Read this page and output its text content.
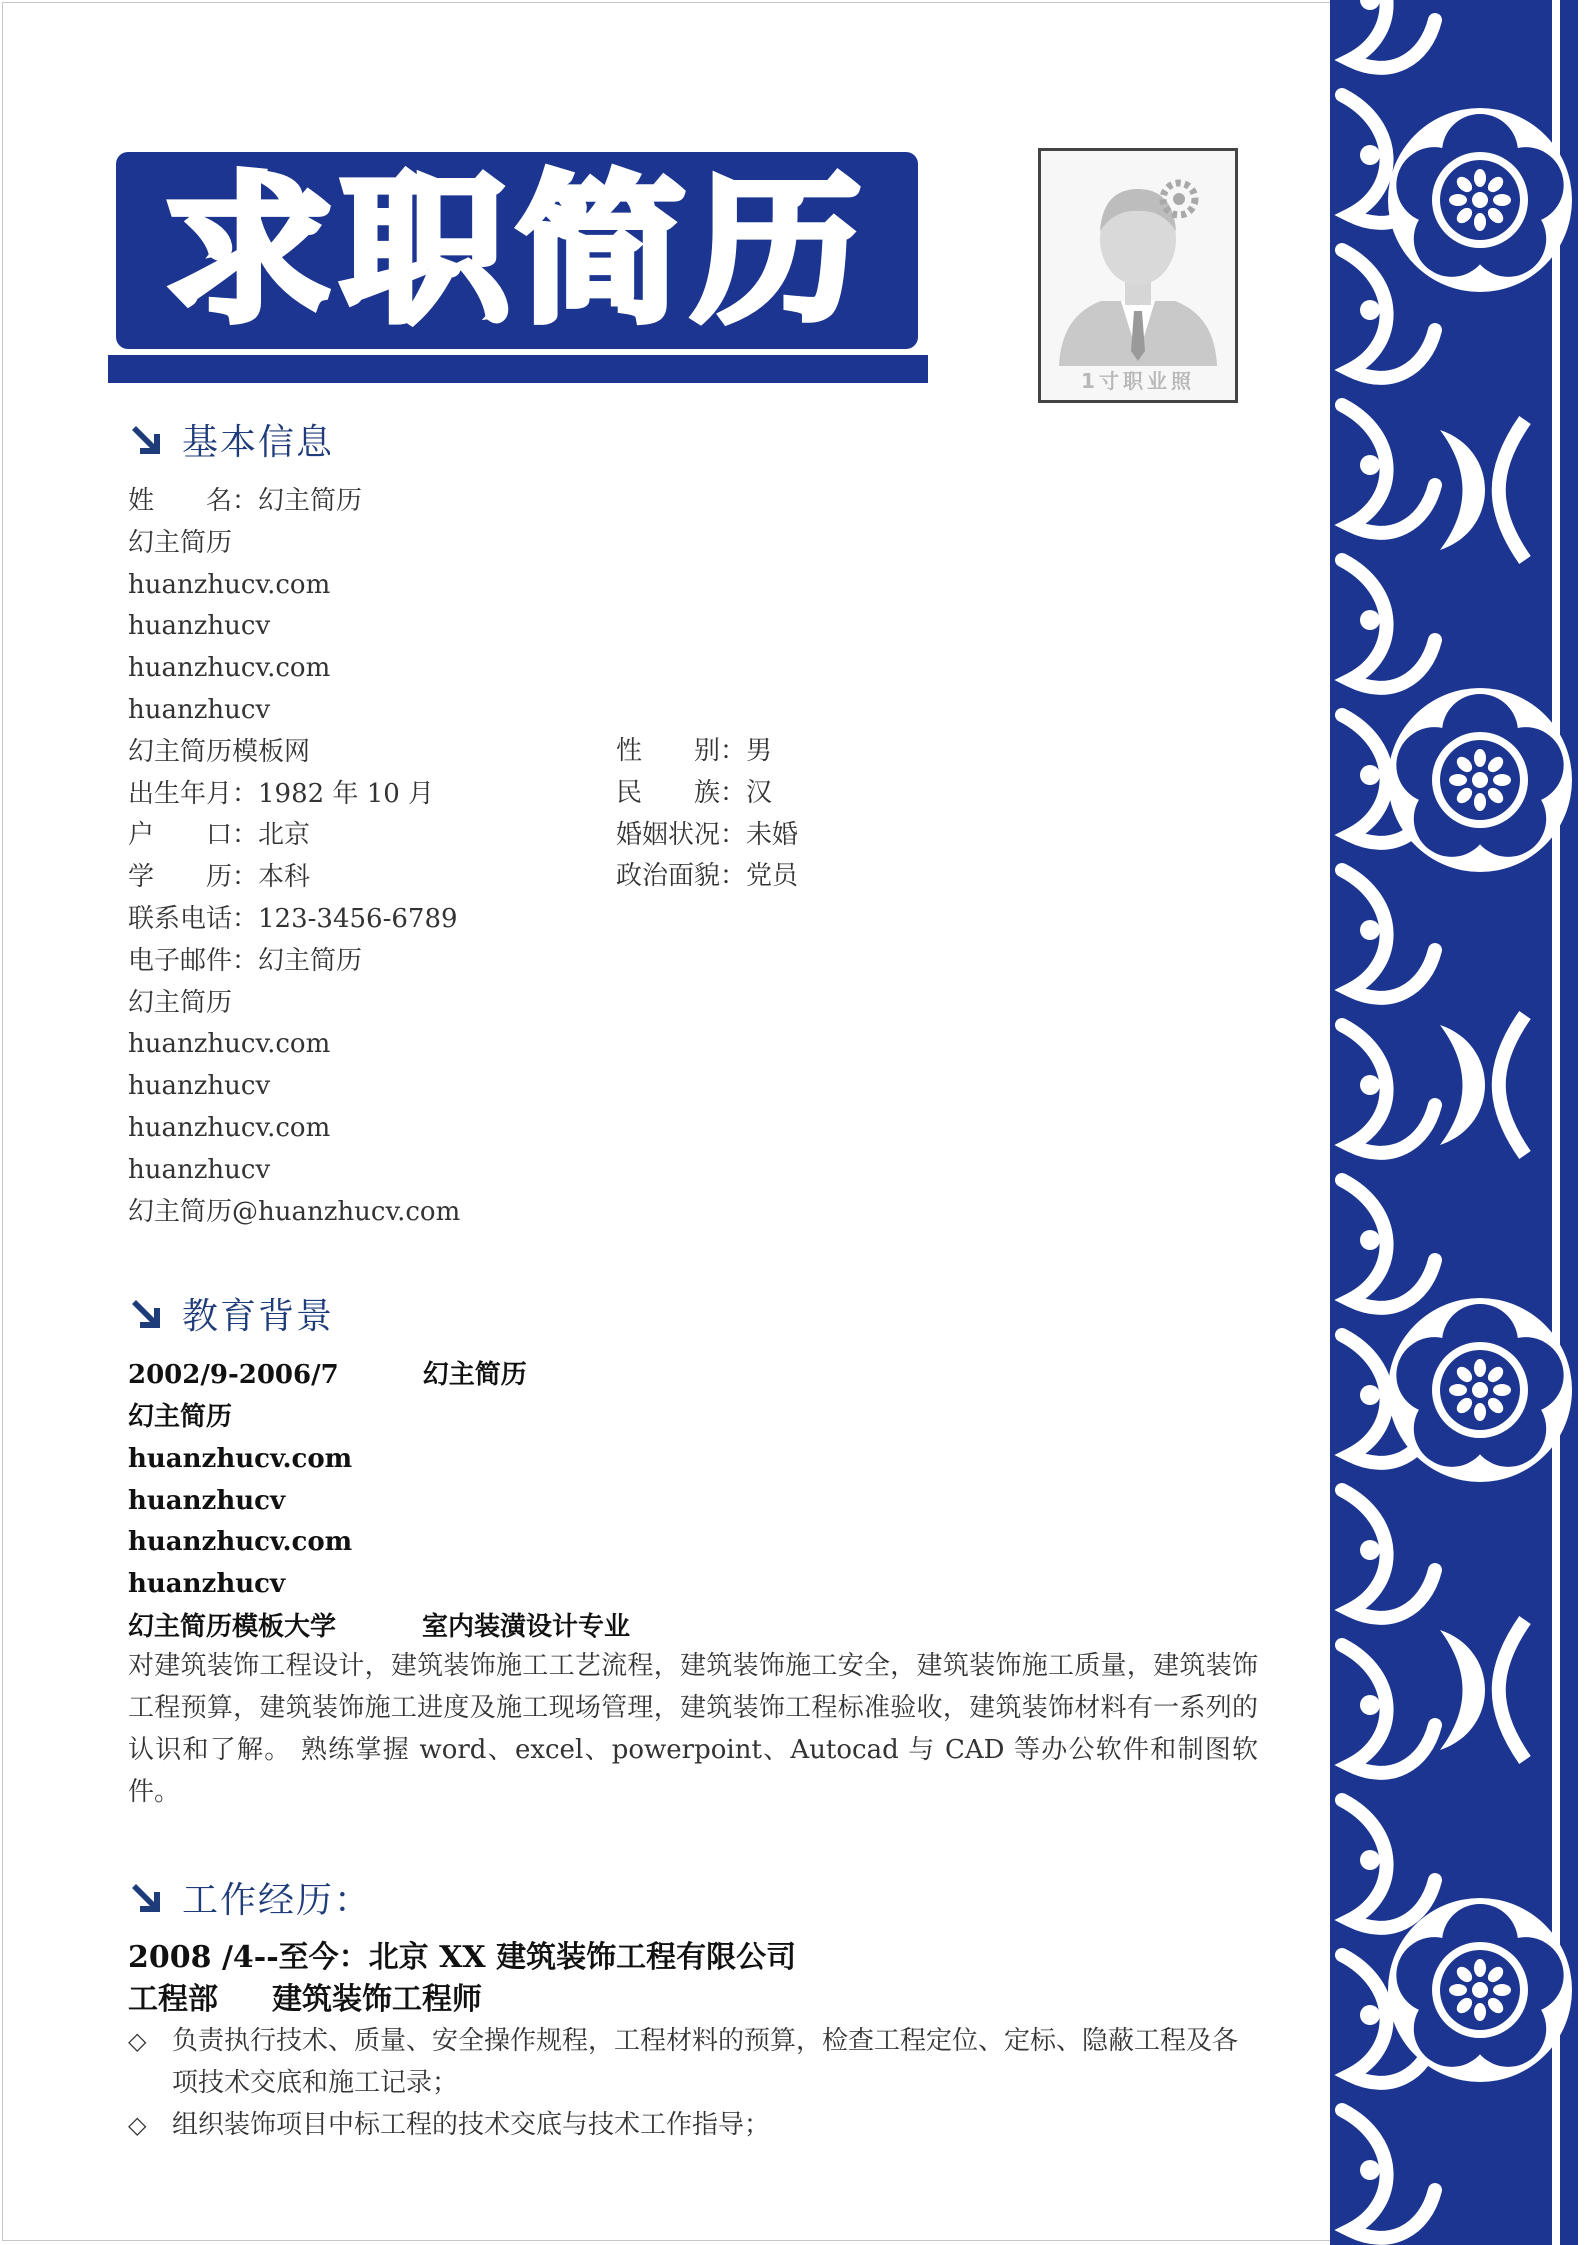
求职简历
1寸职业照
基本信息
姓　　名：幻主简历
幻主简历
huanzhucv.com
huanzhucv
huanzhucv.com
huanzhucv
幻主简历模板网
出生年月：1982 年 10 月
户　　口：北京
学　　历：本科
联系电话：123-3456-6789
电子邮件：幻主简历
幻主简历
huanzhucv.com
huanzhucv
huanzhucv.com
huanzhucv
幻主简历@huanzhucv.com
性　　别：男
民　　族：汉
婚姻状况：未婚
政治面貌：党员
教育背景
2002/9-2006/7	幻主简历
幻主简历
huanzhucv.com
huanzhucv
huanzhucv.com
huanzhucv
幻主简历模板大学	室内装潢设计专业
对建筑装饰工程设计，建筑装饰施工工艺流程，建筑装饰施工安全，建筑装饰施工质量，建筑装饰工程预算，建筑装饰施工进度及施工现场管理，建筑装饰工程标准验收，建筑装饰材料有一系列的认识和了解。 熟练掌握 word、excel、powerpoint、Autocad 与 CAD 等办公软件和制图软件。
工作经历：
2008 /4--至今：北京 XX 建筑装饰工程有限公司
工程部 建筑装饰工程师
◇ 负责执行技术、质量、安全操作规程，工程材料的预算，检查工程定位、定标、隐蔽工程及各项技术交底和施工记录；
◇ 组织装饰项目中标工程的技术交底与技术工作指导；
